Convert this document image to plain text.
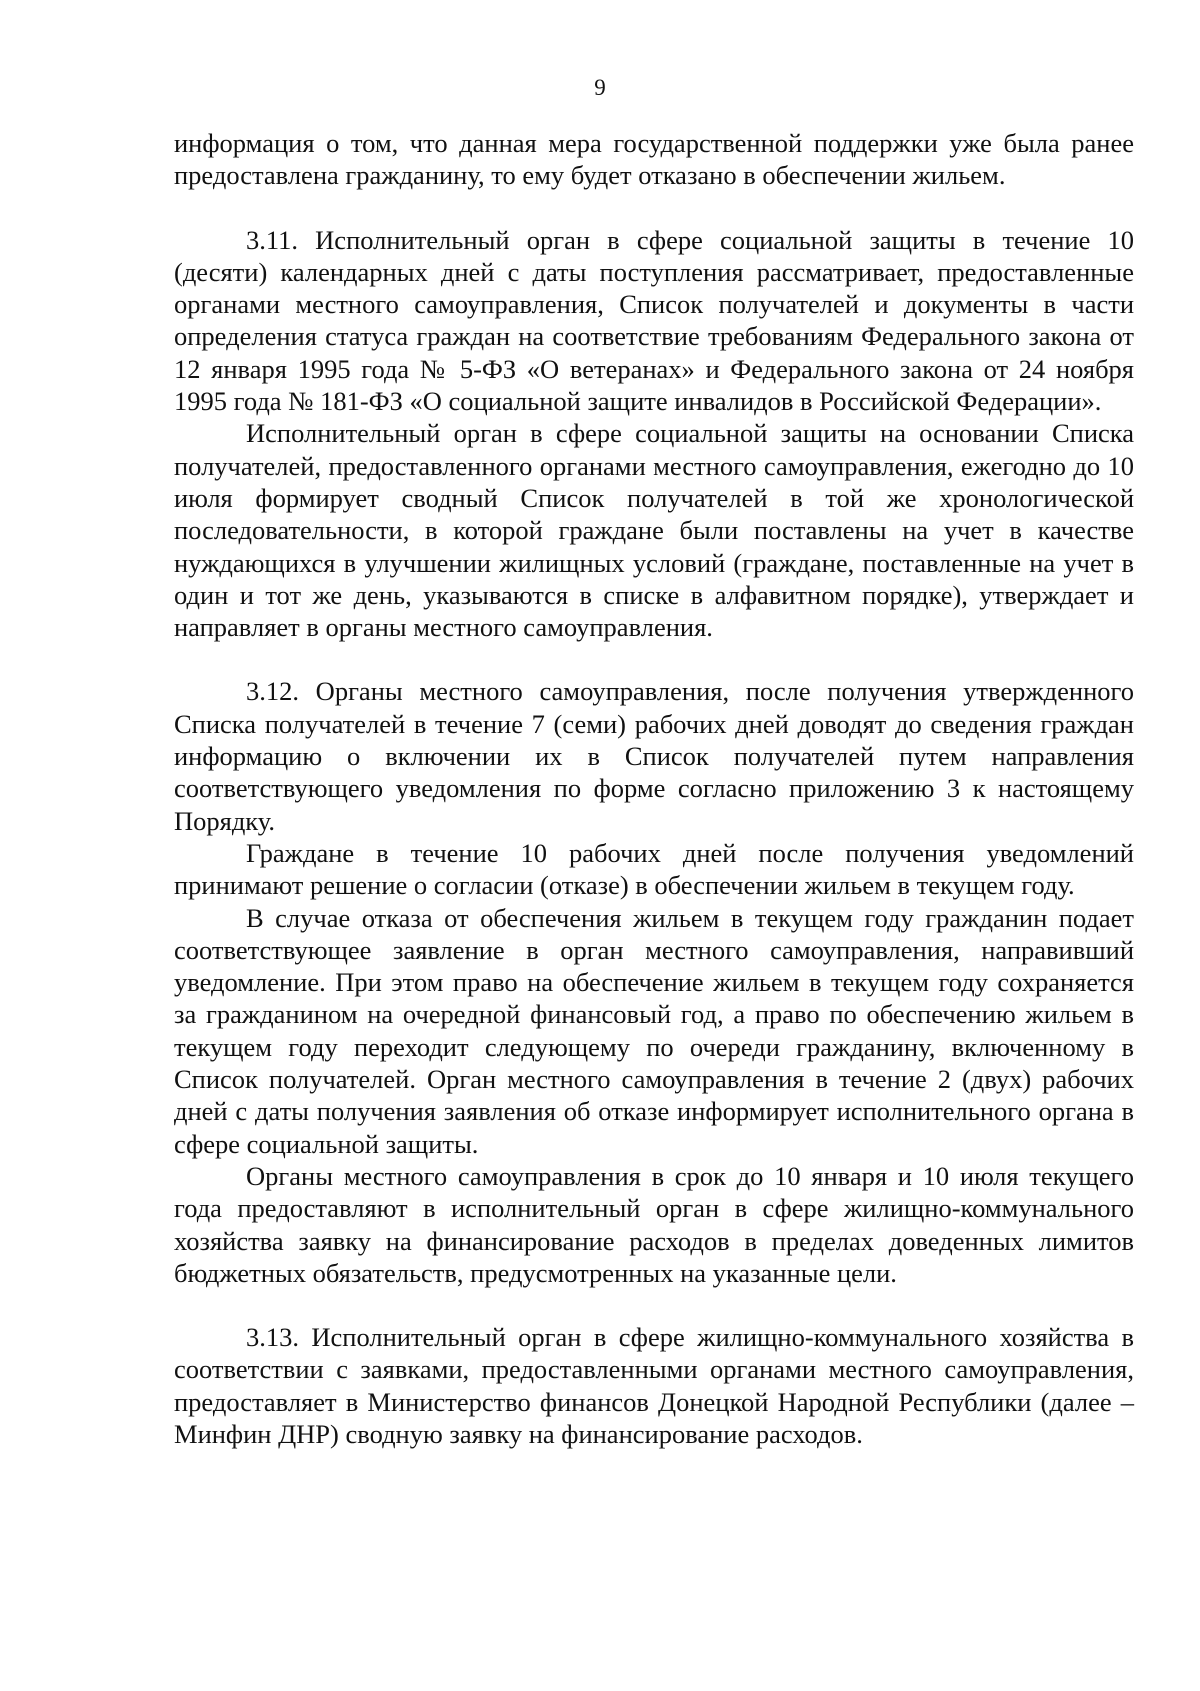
9

информация о том, что данная мера государственной поддержки уже была ранее предоставлена гражданину, то ему будет отказано в обеспечении жильем.

3.11. Исполнительный орган в сфере социальной защиты в течение 10 (десяти) календарных дней с даты поступления рассматривает, предоставленные органами местного самоуправления, Список получателей и документы в части определения статуса граждан на соответствие требованиям Федерального закона от 12 января 1995 года № 5-ФЗ «О ветеранах» и Федерального закона от 24 ноября 1995 года № 181-ФЗ «О социальной защите инвалидов в Российской Федерации».

Исполнительный орган в сфере социальной защиты на основании Списка получателей, предоставленного органами местного самоуправления, ежегодно до 10 июля формирует сводный Список получателей в той же хронологической последовательности, в которой граждане были поставлены на учет в качестве нуждающихся в улучшении жилищных условий (граждане, поставленные на учет в один и тот же день, указываются в списке в алфавитном порядке), утверждает и направляет в органы местного самоуправления.

3.12. Органы местного самоуправления, после получения утвержденного Списка получателей в течение 7 (семи) рабочих дней доводят до сведения граждан информацию о включении их в Список получателей путем направления соответствующего уведомления по форме согласно приложению 3 к настоящему Порядку.

Граждане в течение 10 рабочих дней после получения уведомлений принимают решение о согласии (отказе) в обеспечении жильем в текущем году.

В случае отказа от обеспечения жильем в текущем году гражданин подает соответствующее заявление в орган местного самоуправления, направивший уведомление. При этом право на обеспечение жильем в текущем году сохраняется за гражданином на очередной финансовый год, а право по обеспечению жильем в текущем году переходит следующему по очереди гражданину, включенному в Список получателей. Орган местного самоуправления в течение 2 (двух) рабочих дней с даты получения заявления об отказе информирует исполнительного органа в сфере социальной защиты.

Органы местного самоуправления в срок до 10 января и 10 июля текущего года предоставляют в исполнительный орган в сфере жилищно-коммунального хозяйства заявку на финансирование расходов в пределах доведенных лимитов бюджетных обязательств, предусмотренных на указанные цели.

3.13. Исполнительный орган в сфере жилищно-коммунального хозяйства в соответствии с заявками, предоставленными органами местного самоуправления, предоставляет в Министерство финансов Донецкой Народной Республики (далее – Минфин ДНР) сводную заявку на финансирование расходов.
